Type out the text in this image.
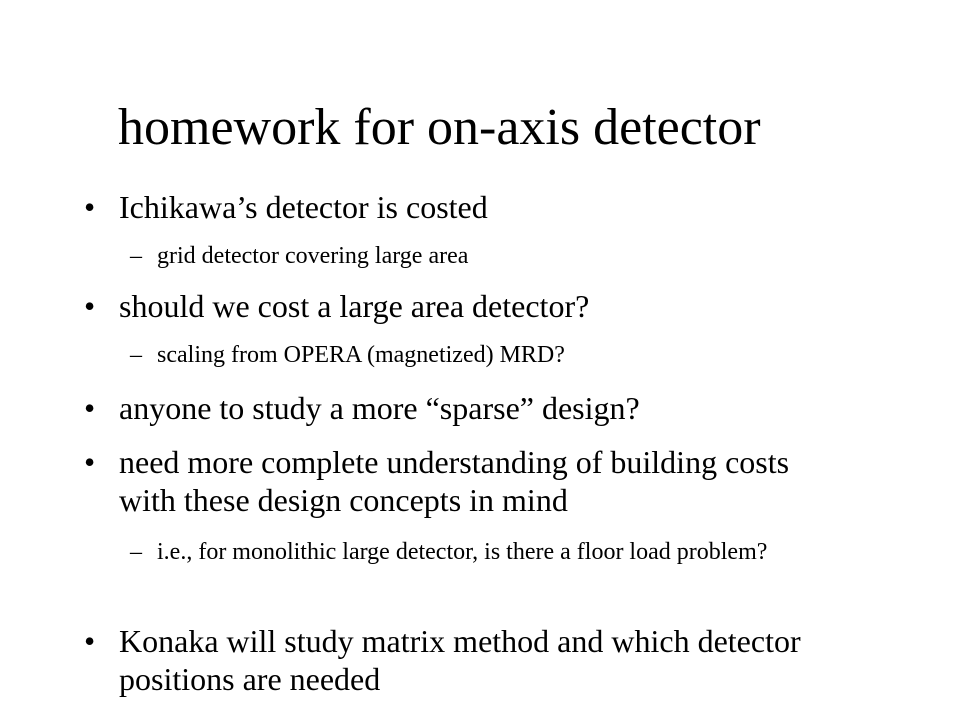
homework for on-axis detector
• Ichikawa’s detector is costed
– grid detector covering large area
• should we cost a large area detector?
– scaling from OPERA (magnetized) MRD?
• anyone to study a more “sparse” design?
• need more complete understanding of building costs with these design concepts in mind
– i.e., for monolithic large detector, is there a floor load problem?
• Konaka will study matrix method and which detector positions are needed
